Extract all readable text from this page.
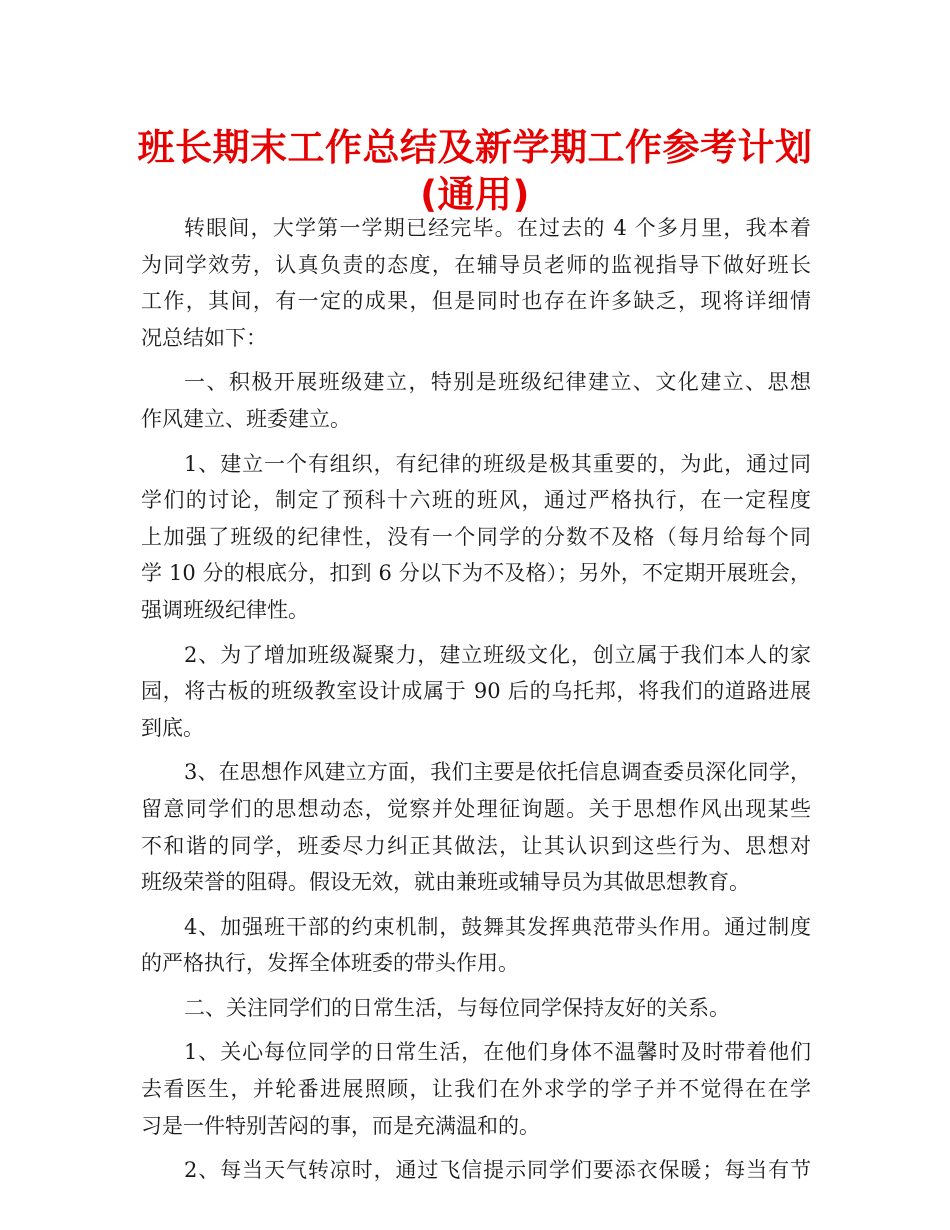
班长期末工作总结及新学期工作参考计划
(通用)
转眼间，大学第一学期已经完毕。在过去的 4 个多月里，我本着
为同学效劳，认真负责的态度，在辅导员老师的监视指导下做好班长
工作，其间，有一定的成果，但是同时也存在许多缺乏，现将详细情
况总结如下：
一、积极开展班级建立，特别是班级纪律建立、文化建立、思想
作风建立、班委建立。
1、建立一个有组织，有纪律的班级是极其重要的，为此，通过同
学们的讨论，制定了预科十六班的班风，通过严格执行，在一定程度
上加强了班级的纪律性，没有一个同学的分数不及格（每月给每个同
学 10 分的根底分，扣到 6 分以下为不及格）；另外，不定期开展班会，
强调班级纪律性。
2、为了增加班级凝聚力，建立班级文化，创立属于我们本人的家
园，将古板的班级教室设计成属于 90 后的乌托邦，将我们的道路进展
到底。
3、在思想作风建立方面，我们主要是依托信息调查委员深化同学，
留意同学们的思想动态，觉察并处理征询题。关于思想作风出现某些
不和谐的同学，班委尽力纠正其做法，让其认识到这些行为、思想对
班级荣誉的阻碍。假设无效，就由兼班或辅导员为其做思想教育。
4、加强班干部的约束机制，鼓舞其发挥典范带头作用。通过制度
的严格执行，发挥全体班委的带头作用。
二、关注同学们的日常生活，与每位同学保持友好的关系。
1、关心每位同学的日常生活，在他们身体不温馨时及时带着他们
去看医生，并轮番进展照顾，让我们在外求学的学子并不觉得在在学
习是一件特别苦闷的事，而是充满温和的。
2、每当天气转凉时，通过飞信提示同学们要添衣保暖；每当有节
